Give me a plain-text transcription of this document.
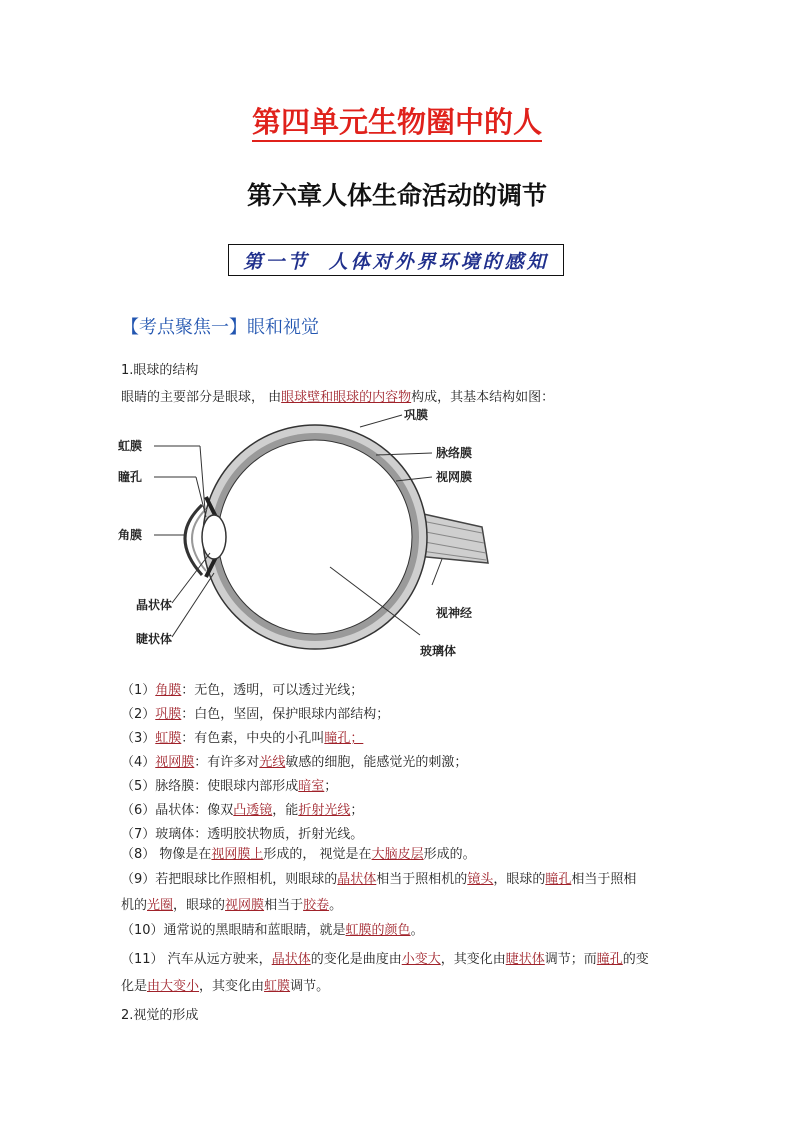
第四单元生物圈中的人
第六章人体生命活动的调节
第一节  人体对外界环境的感知
【考点聚焦一】眼和视觉
1.眼球的结构
眼睛的主要部分是眼球， 由眼球壁和眼球的内容物构成，其基本结构如图：
虹膜
瞳孔
角膜
晶状体
睫状体
巩膜
脉络膜
视网膜
视神经
玻璃体
（1）角膜：无色，透明，可以透过光线；
（2）巩膜：白色，坚固，保护眼球内部结构；
（3）虹膜：有色素，中央的小孔叫瞳孔；
（4）视网膜：有许多对光线敏感的细胞，能感觉光的刺激；
（5）脉络膜：使眼球内部形成暗室；
（6）晶状体：像双凸透镜，能折射光线；
（7）玻璃体：透明胶状物质，折射光线。
（8） 物像是在视网膜上形成的， 视觉是在大脑皮层形成的。
（9）若把眼球比作照相机，则眼球的晶状体相当于照相机的镜头，眼球的瞳孔相当于照相
机的光圈，眼球的视网膜相当于胶卷。
（10）通常说的黑眼睛和蓝眼睛，就是虹膜的颜色。
（11） 汽车从远方驶来，晶状体的变化是曲度由小变大，其变化由睫状体调节；而瞳孔的变
化是由大变小，其变化由虹膜调节。
2.视觉的形成
